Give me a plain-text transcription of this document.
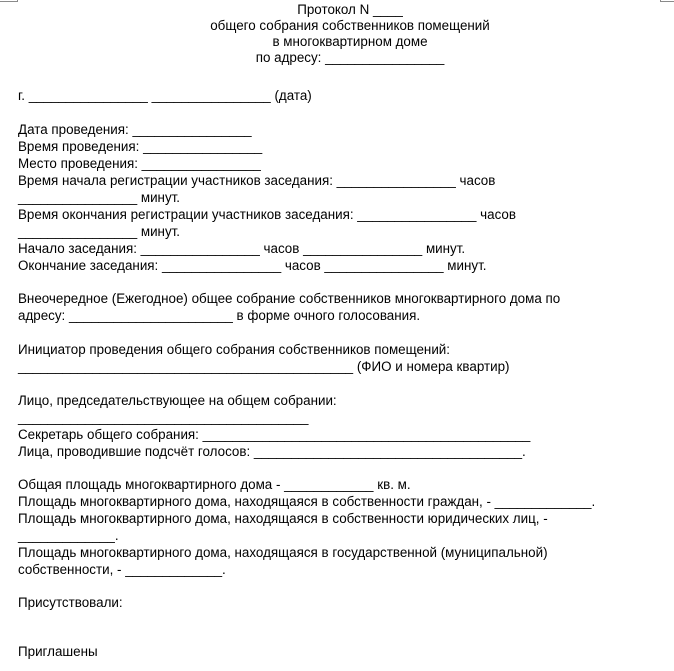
Протокол N ____
общего собрания собственников помещений
в многоквартирном доме
по адресу: ________________
г. ________________ ________________ (дата)
Дата проведения: ________________
Время проведения: ________________
Место проведения: ________________
Время начала регистрации участников заседания: ________________ часов
________________ минут.
Время окончания регистрации участников заседания: ________________ часов
________________ минут.
Начало заседания: ________________ часов ________________ минут.
Окончание заседания: ________________ часов ________________ минут.
Внеочередное (Ежегодное) общее собрание собственников многоквартирного дома по
адресу: ______________________ в форме очного голосования.
Инициатор проведения общего собрания собственников помещений:
_____________________________________________ (ФИО и номера квартир)
Лицо, председательствующее на общем собрании:
_______________________________________
Секретарь общего собрания: ____________________________________________
Лица, проводившие подсчёт голосов: ____________________________________.
Общая площадь многоквартирного дома - ____________ кв. м.
Площадь многоквартирного дома, находящаяся в собственности граждан, - _____________.
Площадь многоквартирного дома, находящаяся в собственности юридических лиц, -
_____________.
Площадь многоквартирного дома, находящаяся в государственной (муниципальной)
собственности, - _____________.
Присутствовали:
Приглашены
